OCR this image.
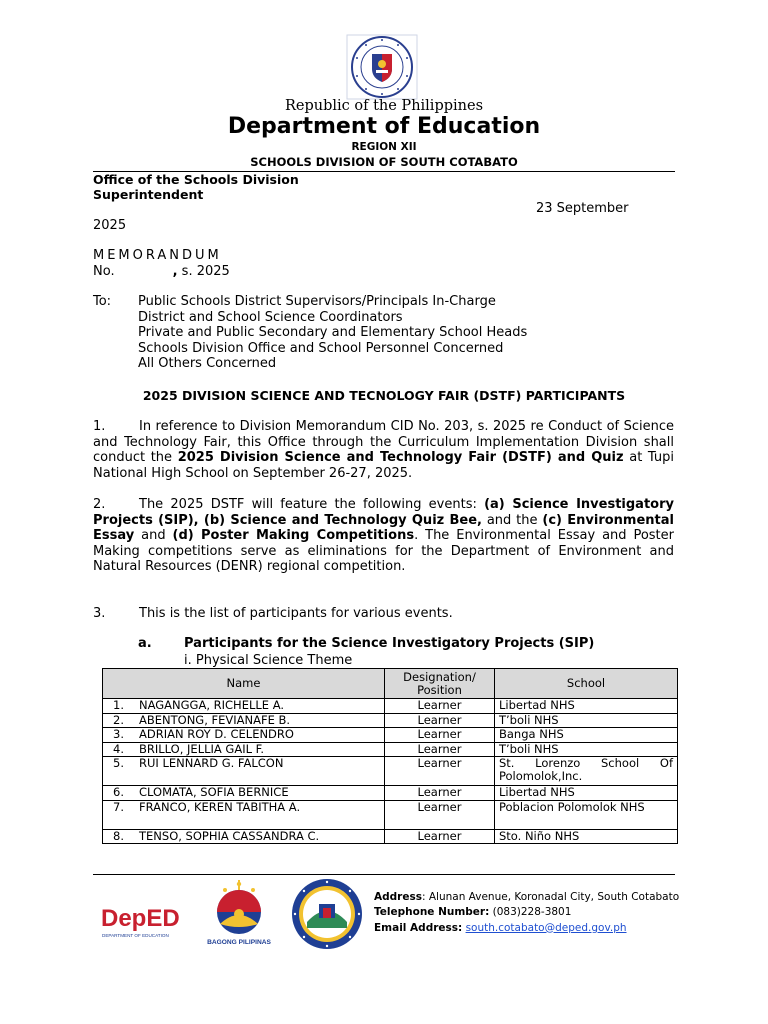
Republic of the Philippines
Department of Education
REGION XII
SCHOOLS DIVISION OF SOUTH COTABATO
Office of the Schools Division
Superintendent
23 September
2025
MEMORANDUM
No.	, s. 2025
To: Public Schools District Supervisors/Principals In-Charge
District and School Science Coordinators
Private and Public Secondary and Elementary School Heads
Schools Division Office and School Personnel Concerned
All Others Concerned
2025 DIVISION SCIENCE AND TECNOLOGY FAIR (DSTF) PARTICIPANTS
1.	In reference to Division Memorandum CID No. 203, s. 2025 re Conduct of Science and Technology Fair, this Office through the Curriculum Implementation Division shall conduct the 2025 Division Science and Technology Fair (DSTF) and Quiz at Tupi National High School on September 26-27, 2025.
2.	The 2025 DSTF will feature the following events: (a) Science Investigatory Projects (SIP), (b) Science and Technology Quiz Bee, and the (c) Environmental Essay and (d) Poster Making Competitions. The Environmental Essay and Poster Making competitions serve as eliminations for the Department of Environment and Natural Resources (DENR) regional competition.
3.	This is the list of participants for various events.
a. Participants for the Science Investigatory Projects (SIP)
i. Physical Science Theme
Name	Designation/ Position	School
1. NAGANGGA, RICHELLE A.	Learner	Libertad NHS
2. ABENTONG, FEVIANAFE B.	Learner	T’boli NHS
3. ADRIAN ROY D. CELENDRO	Learner	Banga NHS
4. BRILLO, JELLIA GAIL F.	Learner	T’boli NHS
5. RUI LENNARD G. FALCON	Learner	St. Lorenzo School Of Polomolok,Inc.
6. CLOMATA, SOFIA BERNICE	Learner	Libertad NHS
7. FRANCO, KEREN TABITHA A.	Learner	Poblacion Polomolok NHS
8. TENSO, SOPHIA CASSANDRA C.	Learner	Sto. Niño NHS
DepED
DEPARTMENT OF EDUCATION
BAGONG PILIPINAS
Address: Alunan Avenue, Koronadal City, South Cotabato
Telephone Number: (083)228-3801
Email Address: south.cotabato@deped.gov.ph
